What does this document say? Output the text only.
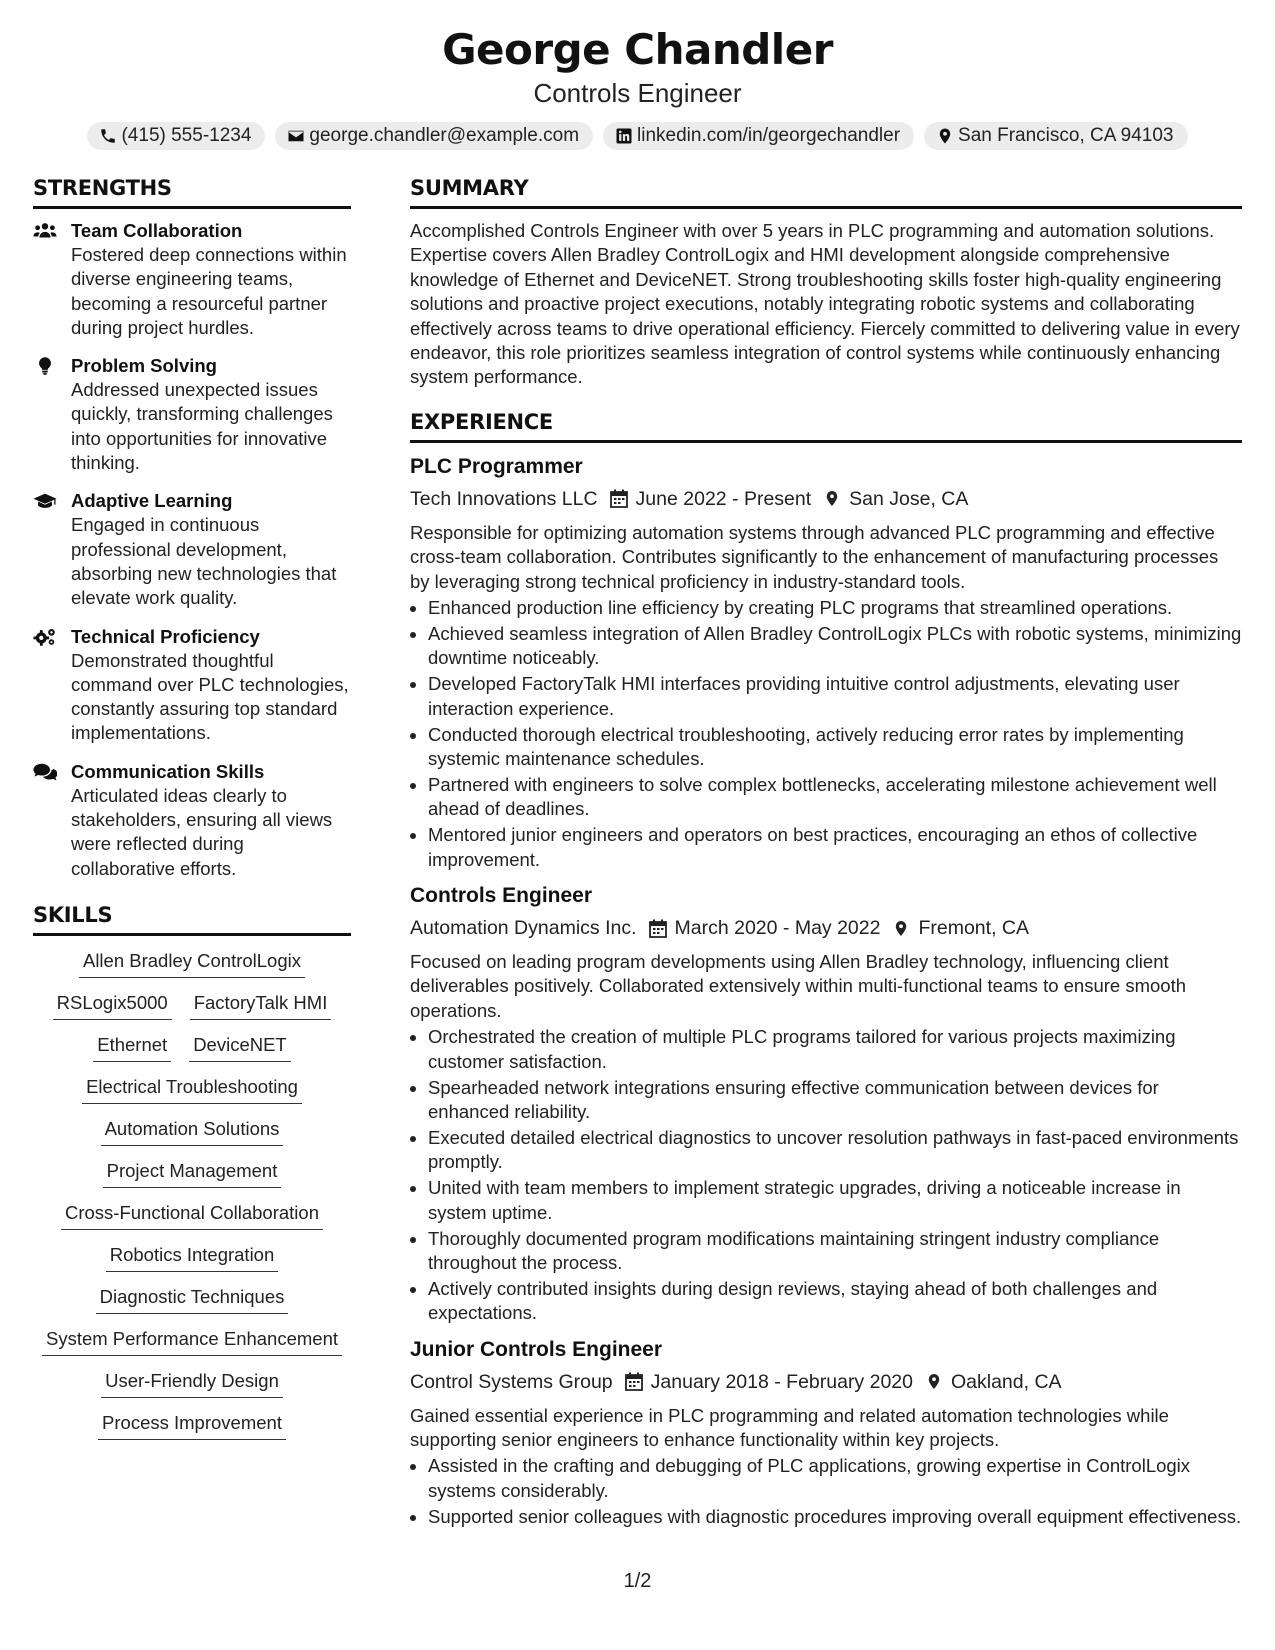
George Chandler
Controls Engineer
(415) 555-1234	george.chandler@example.com	linkedin.com/in/georgechandler	San Francisco, CA 94103
STRENGTHS
Team Collaboration
Fostered deep connections within diverse engineering teams, becoming a resourceful partner during project hurdles.
Problem Solving
Addressed unexpected issues quickly, transforming challenges into opportunities for innovative thinking.
Adaptive Learning
Engaged in continuous professional development, absorbing new technologies that elevate work quality.
Technical Proficiency
Demonstrated thoughtful command over PLC technologies, constantly assuring top standard implementations.
Communication Skills
Articulated ideas clearly to stakeholders, ensuring all views were reflected during collaborative efforts.
SKILLS
Allen Bradley ControlLogix
RSLogix5000 FactoryTalk HMI
Ethernet DeviceNET
Electrical Troubleshooting
Automation Solutions
Project Management
Cross-Functional Collaboration
Robotics Integration
Diagnostic Techniques
System Performance Enhancement
User-Friendly Design
Process Improvement
SUMMARY
Accomplished Controls Engineer with over 5 years in PLC programming and automation solutions. Expertise covers Allen Bradley ControlLogix and HMI development alongside comprehensive knowledge of Ethernet and DeviceNET. Strong troubleshooting skills foster high-quality engineering solutions and proactive project executions, notably integrating robotic systems and collaborating effectively across teams to drive operational efficiency. Fiercely committed to delivering value in every endeavor, this role prioritizes seamless integration of control systems while continuously enhancing system performance.
EXPERIENCE
PLC Programmer
Tech Innovations LLC June 2022 - Present San Jose, CA
Responsible for optimizing automation systems through advanced PLC programming and effective cross-team collaboration. Contributes significantly to the enhancement of manufacturing processes by leveraging strong technical proficiency in industry-standard tools.
• Enhanced production line efficiency by creating PLC programs that streamlined operations.
• Achieved seamless integration of Allen Bradley ControlLogix PLCs with robotic systems, minimizing downtime noticeably.
• Developed FactoryTalk HMI interfaces providing intuitive control adjustments, elevating user interaction experience.
• Conducted thorough electrical troubleshooting, actively reducing error rates by implementing systemic maintenance schedules.
• Partnered with engineers to solve complex bottlenecks, accelerating milestone achievement well ahead of deadlines.
• Mentored junior engineers and operators on best practices, encouraging an ethos of collective improvement.
Controls Engineer
Automation Dynamics Inc. March 2020 - May 2022 Fremont, CA
Focused on leading program developments using Allen Bradley technology, influencing client deliverables positively. Collaborated extensively within multi-functional teams to ensure smooth operations.
• Orchestrated the creation of multiple PLC programs tailored for various projects maximizing customer satisfaction.
• Spearheaded network integrations ensuring effective communication between devices for enhanced reliability.
• Executed detailed electrical diagnostics to uncover resolution pathways in fast-paced environments promptly.
• United with team members to implement strategic upgrades, driving a noticeable increase in system uptime.
• Thoroughly documented program modifications maintaining stringent industry compliance throughout the process.
• Actively contributed insights during design reviews, staying ahead of both challenges and expectations.
Junior Controls Engineer
Control Systems Group January 2018 - February 2020 Oakland, CA
Gained essential experience in PLC programming and related automation technologies while supporting senior engineers to enhance functionality within key projects.
• Assisted in the crafting and debugging of PLC applications, growing expertise in ControlLogix systems considerably.
• Supported senior colleagues with diagnostic procedures improving overall equipment effectiveness.
1/2
